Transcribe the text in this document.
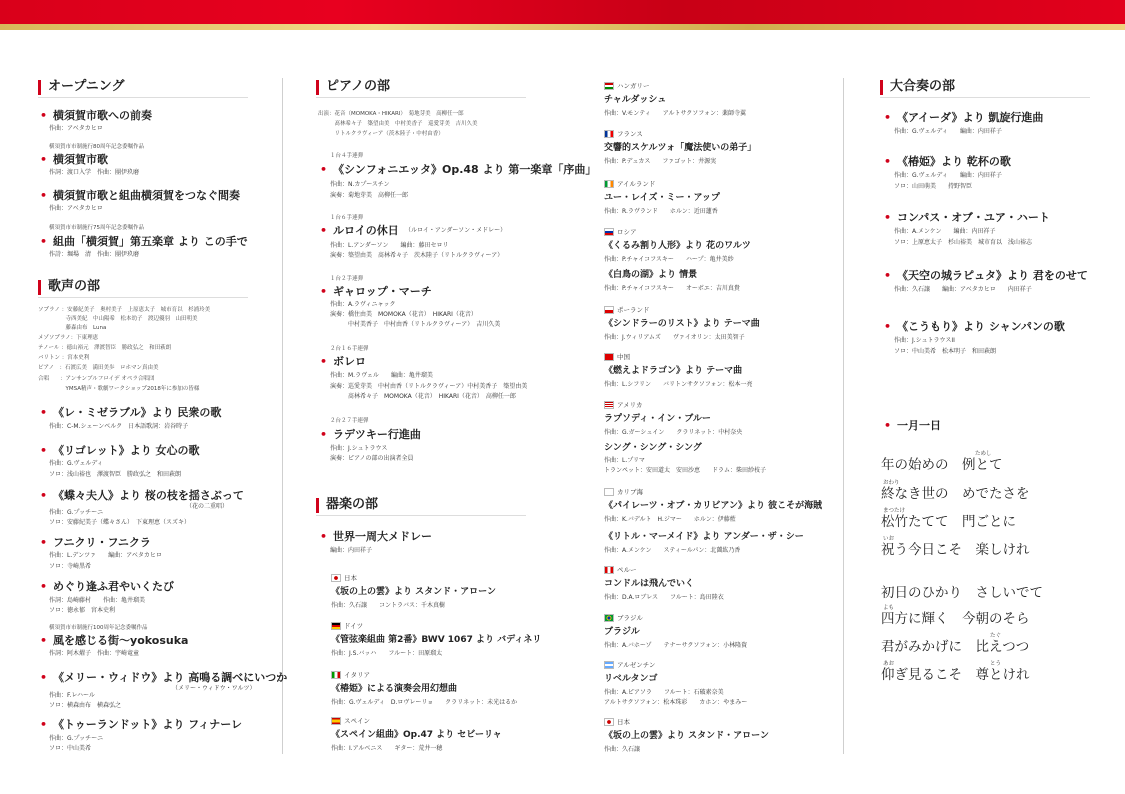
オープニング
• 横須賀市歌への前奏
作曲：アベタカヒロ
横須賀市市制施行80周年記念委嘱作品
• 横須賀市歌
作詞：渡口入学　作曲：團伊玖磨
• 横須賀市歌と組曲横須賀をつなぐ間奏
作曲：アベタカヒロ
横須賀市市制施行75周年記念委嘱作品
• 組曲「横須賀」第五楽章 より この手で
作詩：堀場　清　作曲：團伊玖磨
歌声の部
ソプラノ ：安藤紀美子　奥村美子　上原恵太子　城市育以　杉浦玲美
　　　　　寺西美紀　中山陽希　松本幼子　渡辺優羽　山田明美
　　　　　藤森由布　Luna
メゾソプラノ：下東理恵
テノール ：徳山裕元　澤渡智臣　勝政弘之　和田萩朗
バリトン ：宮本史利
ピアノ　：石渡広美　満田美歩　ロホマン真由美
合唱　　：アンサンブルフロイデ オペラ合唱団
　　　　　YMSA精声・歌劇ワークショップ2018年に参加の皆様
• 《レ・ミゼラブル》より 民衆の歌
作曲：C-M.シェーンベルク　日本語歌詞：岩谷時子
• 《リゴレット》より 女心の歌
作曲：G.ヴェルディ
ソロ：浅山裕也　澤渡智臣　勝政弘之　和田萩朗
• 《蝶々夫人》より 桜の枝を揺さぶって
（花の二重唱）
作曲：G.プッチーニ
ソロ：安藤紀美子（蝶々さん）　下東理恵（スズキ）
• フニクリ・フニクラ
作曲：L.デンツァ　　編曲：アベタカヒロ
ソロ：寺崎黒希
• めぐり逢ふ君やいくたび
作詞：島崎藤村　　作曲：亀井瑠美
ソロ：徳永郁　宮本史利
横須賀市市制施行100周年記念委嘱作品
• 風を感じる街〜yokosuka
作詞：阿木燿子　作曲：宇崎竜童
• 《メリー・ウィドウ》より 高鳴る調べにいつか
（メリー・ウィドウ・ワルツ）
作曲：F.レハール
ソロ：横森由布　横森弘之
• 《トゥーランドット》より フィナーレ
作曲：G.プッチーニ
ソロ：中山美希
ピアノの部
出演：花音（MOMOKA・HIKARI）　菊地芽美　高柳任一郎
　　　髙林希々子　築望由美　中村美香子　巡愛芽美　吉川久美
　　　リトルクラヴィーア（茨木陸子・中村由香）
１台４手連弾
• 《シンフォニエッタ》Op.48 より 第一楽章「序曲」
作曲：N.カプースチン
演奏：菊地芽美　高柳任一郎
１台６手連弾
• ルロイの休日 （ルロイ・アンダーソン・メドレー）
作曲：L.アンダーソン　　編曲：藤田セロリ
演奏：築望由美　髙林希々子　茨木陸子（リトルクラヴィーア）
１台２手連弾
• ギャロップ・マーチ
作曲：A.ラヴィニャック
演奏：橋住由美　MOMOKA（花音）　HIKARI（花音）
　　　中村美香子　中村由香（リトルクラヴィーア）　吉川久美
２台１６手連弾
• ボレロ
作曲：M.ラヴェル　　編曲：亀井瑠美
演奏：巡愛芽美　中村由香（リトルクラヴィーア）中村美香子　築望由美
　　　髙林希々子　MOMOKA（花音）　HIKARI（花音）　高柳任一郎
２台２７手連弾
• ラデツキー行進曲
作曲：J.シュトラウス
演奏：ピアノの部の出演者全員
器楽の部
• 世界一周大メドレー
編曲：内田祥子
日本
《坂の上の雲》より スタンド・アローン
作曲：久石譲　　コントラバス：千木真樹
ドイツ
《管弦楽組曲 第2番》BWV 1067 より バディネリ
作曲：J.S.バッハ　　フルート：田原瑠太
イタリア
《椿姫》による演奏会用幻想曲
作曲：G.ヴェルディ　D.ロヴレーリョ　　クラリネット：未光はるか
スペイン
《スペイン組曲》Op.47 より セビーリャ
作曲：I.アルベニス　　ギター：荒井一穂
ハンガリー
チャルダッシュ
作曲：V.モンティ　　アルトサクソフォン：薬師寺翼
フランス
交響的スケルツォ「魔法使いの弟子」
作曲：P.デュカス　　ファゴット：井源実
アイルランド
ユー・レイズ・ミー・アップ
作曲：R.ラヴランド　　ホルン：近田蓮香
ロシア
《くるみ割り人形》より 花のワルツ
作曲：P.チャイコフスキー　　ハープ：亀井美紗
《白鳥の湖》より 情景
作曲：P.チャイコフスキー　　オーボエ：吉川真貴
ポーランド
《シンドラーのリスト》より テーマ曲
作曲：J.ウィリアムズ　　ヴァイオリン：太田美智子
中国
《燃えよドラゴン》より テーマ曲
作曲：L.シフリン　　バリトンサクソフォン：松本一亮
アメリカ
ラプソディ・イン・ブルー
作曲：G.ガーシュイン　　クラリネット：中村奈央
シング・シング・シング
作曲：L.プリマ
トランペット：安田道太　安田沙恵　　ドラム：柴田紗枝子
カリブ海
《パイレーツ・オブ・カリビアン》より 彼こそが海賊
作曲：K.バデルト　H.ジマー　　ホルン：伊藤藍
《リトル・マーメイド》より アンダー・ザ・シー
作曲：A.メンケン　　スティールパン：北薗紘乃香
ペルー
コンドルは飛んでいく
作曲：D.A.ロブレス　　フルート：島田陸衣
ブラジル
ブラジル
作曲：A.バホーゾ　　テナーサクソフォン：小林隆資
アルゼンチン
リベルタンゴ
作曲：A.ピアソラ　　フルート：石破素奈美
アルトサクソフォン：松本珠彩　　カホン：やまみー
日本
《坂の上の雲》より スタンド・アローン
作曲：久石譲
大合奏の部
• 《アイーダ》より 凱旋行進曲
作曲：G.ヴェルディ　　編曲：内田祥子
• 《椿姫》より 乾杯の歌
作曲：G.ヴェルディ　　編曲：内田祥子
ソロ：山田萌美　　持野智臣
• コンパス・オブ・ユア・ハート
作曲：A.メンケン　　編曲：内田祥子
ソロ：上原恵太子　杉山裕美　城市育以　浅山裕志
• 《天空の城ラピュタ》より 君をのせて
作曲：久石譲　　編曲：アベタカヒロ　　内田祥子
• 《こうもり》より シャンパンの歌
作曲：J.シュトラウスII
ソロ：中山美希　松本明子　和田萩朗
• 一月一日
ためし
年の始めの　例とて
おわり
終なき世の　めでたさを
まつたけ
松竹たてて　門ごとに
いお
祝う今日こそ　楽しけれ
初日のひかり　さしいでて
よも
四方に輝く　今朝のそら
たぐ
君がみかげに　比えつつ
あお	とう
仰ぎ見るこそ　尊とけれ
